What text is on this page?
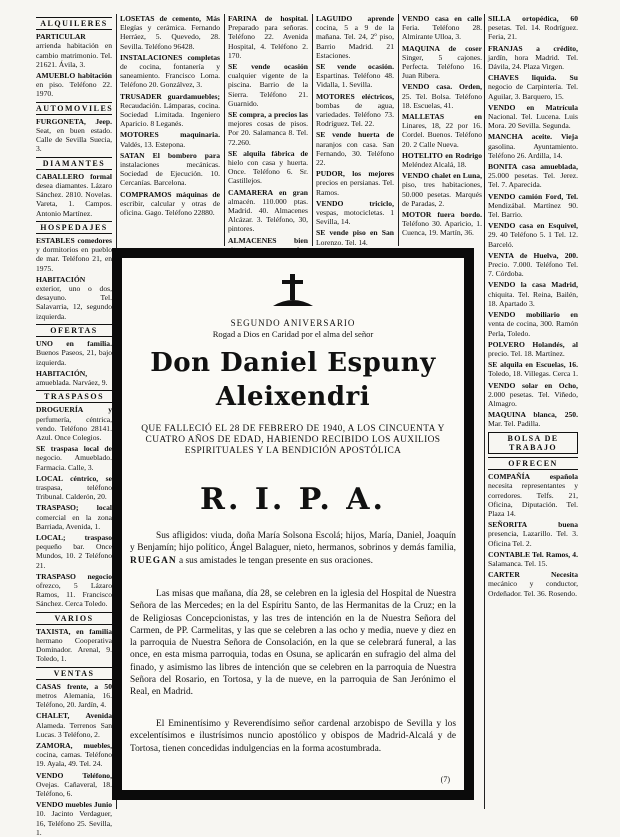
ALQUILERES
PARTICULAR arrienda habitación en cambio matrimonio. Tel. 21621. Ávila, 3.
AMUEBLO habitación en piso. Teléfono 22. 1970.
AUTOMOVILES
FURGONETA, Jeep. Seat, en buen estado. Calle de Sevilla Suecia, 3.
DIAMANTES
CABALLERO formal desea diamantes. Lázaro Sánchez. 2810. Novelas. Vareta, 1. Campos. Antonio Martínez.
HOSPEDAJES
ESTABLES comedores y dormitorios en pueblo de mar. Teléfono 21, en 1975.
HABITACIÓN exterior, uno o dos, desayuno. Tel. Salavarria, 12, segundo izquierda.
OFERTAS
UNO en familia. Buenos Paseos, 21, bajo izquierda.
HABITACIÓN, amueblada. Narváez, 9.
TRASPASOS
DROGUERÍA y perfumería, céntrica, vendo. Teléfono 28141. Azul. Once Colegios.
SE traspasa local de negocio. Amueblado. Farmacia. Calle, 3.
LOCAL céntrico, se traspasa, teléfono Tribunal. Calderón, 20.
TRASPASO; local comercial en la zona Barriada, Avenida, 1.
LOCAL; traspaso pequeño bar. Once Mundos, 10. 2 Teléfono 21.
TRASPASO negocio ofrezco, 5 Lázaro Ramos, 11. Francisco Sánchez. Cerca Toledo.
VARIOS
TAXISTA, en familia hermano Cooperativa Dominador. Arenal, 9. Toledo, 1.
VENTAS
CASAS frente, a 50 metros Alemania, 16. Teléfono, 20. Jardín, 4.
CHALET, Avenida Alameda. Terrenos San Lucas. 3 Teléfono, 2.
ZAMORA, muebles, cocina, camas. Teléfono 19. Ayala, 49. Tel. 24.
VENDO Teléfono, Ovejas. Cañaveral, 18. Teléfono, 6.
VENDO muebles Junio 10. Jacinto Verdaguer, 16, Teléfono 25. Sevilla, 1.
LOSETAS de cemento, Más Elegías y cerámica. Fernando Herráez, 5. Quevedo, 28. Sevilla. Teléfono 96428.
INSTALACIONES completas de cocina, fontanería y saneamiento. Francisco Loma. Teléfono 20. Gonzálvez, 3.
TRUSADER guardamuebles; Recaudación. Lámparas, cocina. Sociedad Limitada. Ingeniero Aparicio. 8 Leganés.
MOTORES maquinaria. Valdés, 13. Estepona.
SATAN El bombero para instalaciones mecánicas. Sociedad de Ejecución. 10. Cercanías. Barcelona.
COMPRAMOS máquinas de escribir, calcular y otras de oficina. Gago. Teléfono 22880.
FARINA de hospital. Preparado para señoras. Teléfono 22. Avenida Hospital, 4. Teléfono 2. 170.
SE vende ocasión cualquier vigente de la piscina. Barrio de la Sierra. Teléfono 21. Guarnido.
SE compra, a precios las mejores cosas de pisos. Por 20. Salamanca 8. Tel. 72.260.
SE alquila fábrica de hielo con casa y huerta. Once. Teléfono 6. Sr. Castillejos.
CAMARERA en gran almacén. 110.000 ptas. Madrid. 40. Almacenes Alcázar. 3. Teléfono, 30, pintores.
ALMACENES bien
LAGUIDO aprende cocina, 5 a 9 de la mañana. Tel. 24, 2º piso, Barrio Madrid. 21 Estaciones.
SE vende ocasión. Espartinas. Teléfono 48. Vidalla, 1. Sevilla.
MOTORES eléctricos, bombas de agua, variedades. Teléfono 73. Rodríguez. Tel. 22.
SE vende huerta de naranjos con casa. San Fernando, 30. Teléfono 22.
PUDOR, los mejores precios en persianas. Tel. Ramos.
VENDO triciclo, vespas, motocicletas. 1 Sevilla, 14.
SE vende piso en San Lorenzo. Tel. 14.
VENDO casa en calle Feria. Teléfono 28. Almirante Ulloa, 3.
MAQUINA de coser Singer, 5 cajones. Perfecta. Teléfono 16. Juan Ribera.
VENDO casa. Orden, 25. Tel. Bolsa. Teléfono 18. Escuelas, 41.
MALLETAS en Linares, 18, 22 por 16. Cordel. Buenos. Teléfono 20. 2 Calle Nueva.
HOTELITO en Rodrigo Meléndez Alcalá, 18.
VENDO chalet en Luna, piso, tres habitaciones, 50.000 pesetas. Marqués de Paradas, 2.
MOTOR fuera bordo. Teléfono 30. Aparicio, 1. Cuenca, 19. Martín, 36.
SILLA ortopédica, 60 pesetas. Tel. 14. Rodríguez. Feria, 21.
FRANJAS a crédito, jardín, hora Madrid. Tel. Dávila, 24. Plaza Virgen.
CHAVES liquida. Su negocio de Carpintería. Tel. Aguilar, 3. Barquero, 15.
VENDO en Matrícula Nacional. Tel. Lucena. Luis Mora. 20 Sevilla. Segunda.
MANCHA aceite. Vieja gasolina. Ayuntamiento. Teléfono 26. Ardilla, 14.
BONITA casa amueblada, 25.000 pesetas. Tel. Jerez. Tel. 7. Aparecida.
VENDO camión Ford, Tel. Mendizábal. Martínez 90. Tel. Barrio.
VENDO casa en Esquivel, 29. 40 Teléfono 5. 1 Tel. 12. Barceló.
VENTA de Huelva, 200. Precio. 7.000. Teléfono Tel. 7. Córdoba.
VENDO la casa Madrid, chiquita. Tel. Reina, Bailén, 18. Apartado 3.
VENDO mobiliario en venta de cocina, 300. Ramón Perla, Toledo.
POLVERO Holandés, al precio. Tel. 18. Martínez.
SE alquila en Escuelas, 16. Toledo, 18. Villegas. Cerca 1.
VENDO solar en Ocho, 2.000 pesetas. Tel. Viñedo, Almagro.
MAQUINA blanca, 250. Mar. Tel. Padilla.
BOLSA DE TRABAJO
OFRECEN
COMPAÑÍA española necesita representantes y corredores. Telfs. 21, Oficina, Diputación. Tel. Plaza 14.
SEÑORITA buena presencia, Lazarillo. Tel. 3. Oficina Tel. 2.
CONTABLE Tel. Ramos, 4. Salamanca. Tel. 15.
CARTER Necesita mecánico y conductor, Ordeñador. Tel. 36. Rosendo.
SEGUNDO ANIVERSARIO
Rogad a Dios en Caridad por el alma del señor
Don Daniel Espuny
Aleixendri
QUE FALLECIÓ EL 28 DE FEBRERO DE 1940, A LOS CINCUENTA Y CUATRO AÑOS DE EDAD, HABIENDO RECIBIDO LOS AUXILIOS ESPIRITUALES Y LA BENDICIÓN APOSTÓLICA
R. I. P. A.
Sus afligidos: viuda, doña María Solsona Escolá; hijos, María, Daniel, Joaquín y Benjamín; hijo político, Ángel Balaguer, nieto, hermanos, sobrinos y demás familia, RUEGAN a sus amistades le tengan presente en sus oraciones.
Las misas que mañana, día 28, se celebren en la iglesia del Hospital de Nuestra Señora de las Mercedes; en la del Espíritu Santo, de las Hermanitas de la Cruz; en la de Religiosas Concepcionistas, y las tres de intención en la de Nuestra Señora del Carmen, de PP. Carmelitas, y las que se celebren a las ocho y media, nueve y diez en la parroquia de Nuestra Señora de Consolación, en la que se celebrará funeral, a las once, en esta misma parroquia, todas en Osuna, se aplicarán en sufragio del alma del finado, y asimismo las libres de intención que se celebren en la parroquia de Nuestra Señora del Rosario, en Tortosa, y la de nueve, en la parroquia de San Jerónimo el Real, en Madrid.
El Eminentísimo y Reverendísimo señor cardenal arzobispo de Sevilla y los excelentísimos e ilustrísimos nuncio apostólico y obispos de Madrid-Alcalá y de Tortosa, tienen concedidas indulgencias en la forma acostumbrada.
(7)
